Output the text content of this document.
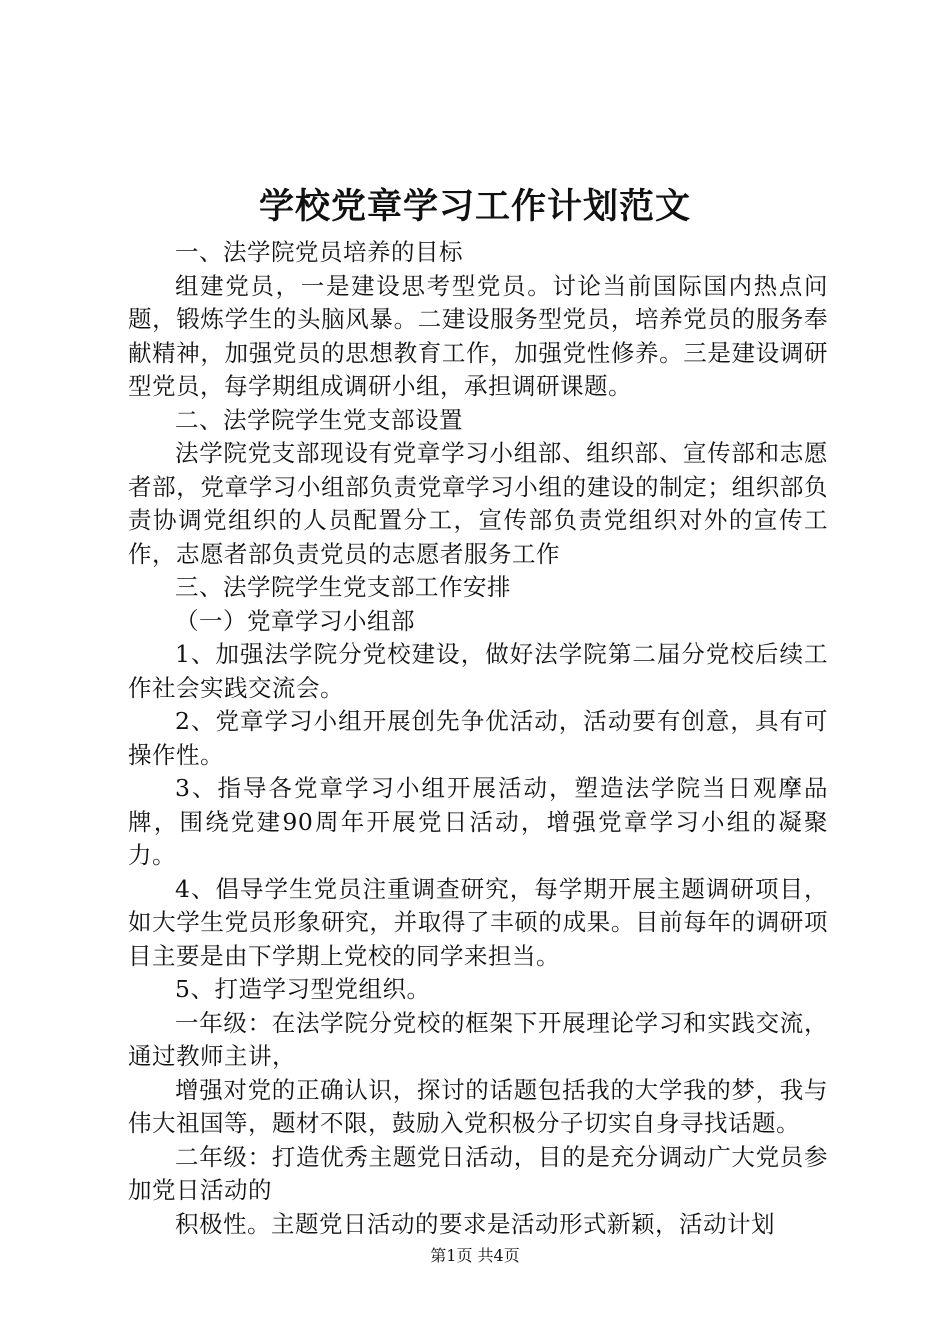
学校党章学习工作计划范文

一、法学院党员培养的目标

组建党员，一是建设思考型党员。讨论当前国际国内热点问题，锻炼学生的头脑风暴。二建设服务型党员，培养党员的服务奉献精神，加强党员的思想教育工作，加强党性修养。三是建设调研型党员，每学期组成调研小组，承担调研课题。

二、法学院学生党支部设置

法学院党支部现设有党章学习小组部、组织部、宣传部和志愿者部，党章学习小组部负责党章学习小组的建设的制定；组织部负责协调党组织的人员配置分工，宣传部负责党组织对外的宣传工作，志愿者部负责党员的志愿者服务工作

三、法学院学生党支部工作安排

（一）党章学习小组部

1、加强法学院分党校建设，做好法学院第二届分党校后续工作社会实践交流会。

2、党章学习小组开展创先争优活动，活动要有创意，具有可操作性。

3、指导各党章学习小组开展活动，塑造法学院当日观摩品牌，围绕党建90周年开展党日活动，增强党章学习小组的凝聚力。

4、倡导学生党员注重调查研究，每学期开展主题调研项目，如大学生党员形象研究，并取得了丰硕的成果。目前每年的调研项目主要是由下学期上党校的同学来担当。

5、打造学习型党组织。

一年级：在法学院分党校的框架下开展理论学习和实践交流，通过教师主讲，

增强对党的正确认识，探讨的话题包括我的大学我的梦，我与伟大祖国等，题材不限，鼓励入党积极分子切实自身寻找话题。

二年级：打造优秀主题党日活动，目的是充分调动广大党员参加党日活动的

积极性。主题党日活动的要求是活动形式新颖，活动计划

第1页 共4页
